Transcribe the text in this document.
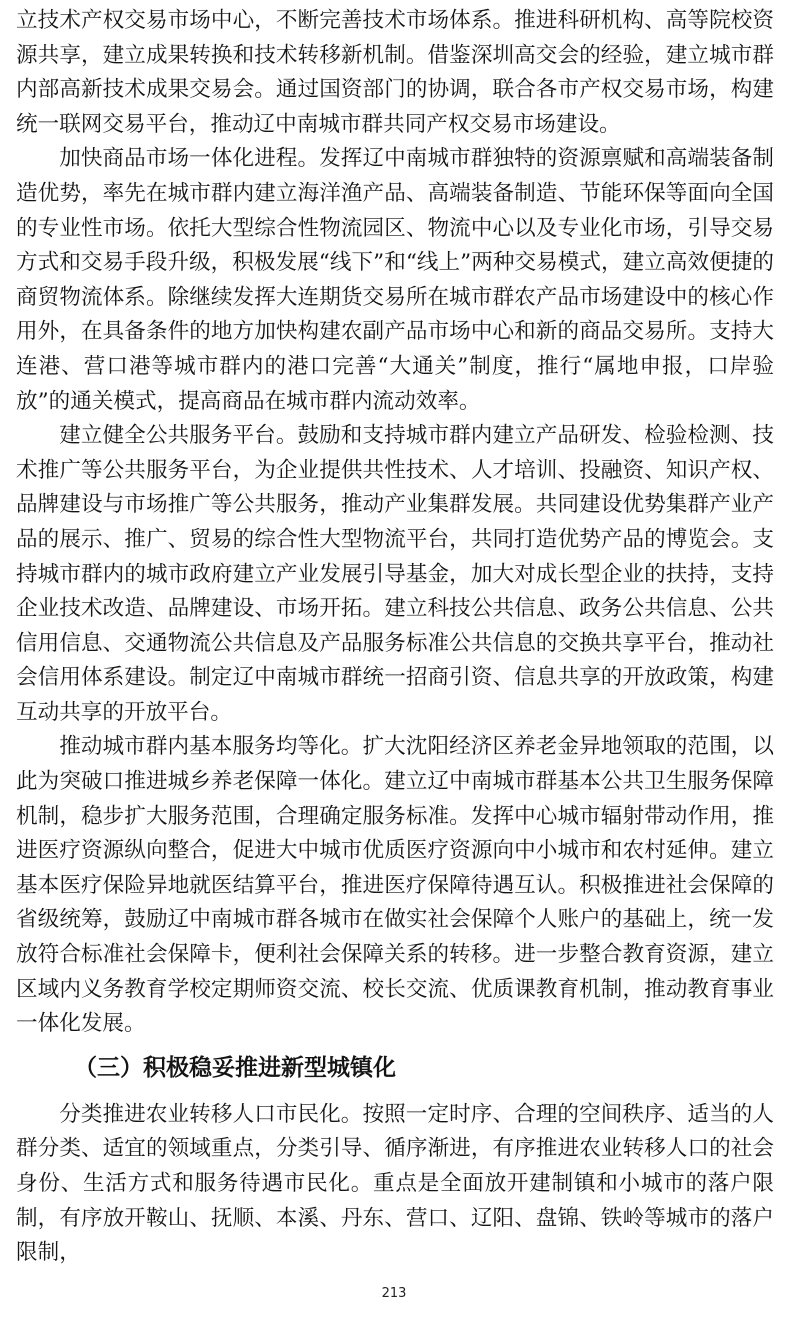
立技术产权交易市场中心，不断完善技术市场体系。推进科研机构、高等院校资源共享，建立成果转换和技术转移新机制。借鉴深圳高交会的经验，建立城市群内部高新技术成果交易会。通过国资部门的协调，联合各市产权交易市场，构建统一联网交易平台，推动辽中南城市群共同产权交易市场建设。

加快商品市场一体化进程。发挥辽中南城市群独特的资源禀赋和高端装备制造优势，率先在城市群内建立海洋渔产品、高端装备制造、节能环保等面向全国的专业性市场。依托大型综合性物流园区、物流中心以及专业化市场，引导交易方式和交易手段升级，积极发展“线下”和“线上”两种交易模式，建立高效便捷的商贸物流体系。除继续发挥大连期货交易所在城市群农产品市场建设中的核心作用外，在具备条件的地方加快构建农副产品市场中心和新的商品交易所。支持大连港、营口港等城市群内的港口完善“大通关”制度，推行“属地申报，口岸验放”的通关模式，提高商品在城市群内流动效率。

建立健全公共服务平台。鼓励和支持城市群内建立产品研发、检验检测、技术推广等公共服务平台，为企业提供共性技术、人才培训、投融资、知识产权、品牌建设与市场推广等公共服务，推动产业集群发展。共同建设优势集群产业产品的展示、推广、贸易的综合性大型物流平台，共同打造优势产品的博览会。支持城市群内的城市政府建立产业发展引导基金，加大对成长型企业的扶持，支持企业技术改造、品牌建设、市场开拓。建立科技公共信息、政务公共信息、公共信用信息、交通物流公共信息及产品服务标准公共信息的交换共享平台，推动社会信用体系建设。制定辽中南城市群统一招商引资、信息共享的开放政策，构建互动共享的开放平台。

推动城市群内基本服务均等化。扩大沈阳经济区养老金异地领取的范围，以此为突破口推进城乡养老保障一体化。建立辽中南城市群基本公共卫生服务保障机制，稳步扩大服务范围，合理确定服务标准。发挥中心城市辐射带动作用，推进医疗资源纵向整合，促进大中城市优质医疗资源向中小城市和农村延伸。建立基本医疗保险异地就医结算平台，推进医疗保障待遇互认。积极推进社会保障的省级统筹，鼓励辽中南城市群各城市在做实社会保障个人账户的基础上，统一发放符合标准社会保障卡，便利社会保障关系的转移。进一步整合教育资源，建立区域内义务教育学校定期师资交流、校长交流、优质课教育机制，推动教育事业一体化发展。

（三）积极稳妥推进新型城镇化

分类推进农业转移人口市民化。按照一定时序、合理的空间秩序、适当的人群分类、适宜的领域重点，分类引导、循序渐进，有序推进农业转移人口的社会身份、生活方式和服务待遇市民化。重点是全面放开建制镇和小城市的落户限制，有序放开鞍山、抚顺、本溪、丹东、营口、辽阳、盘锦、铁岭等城市的落户限制，

213
